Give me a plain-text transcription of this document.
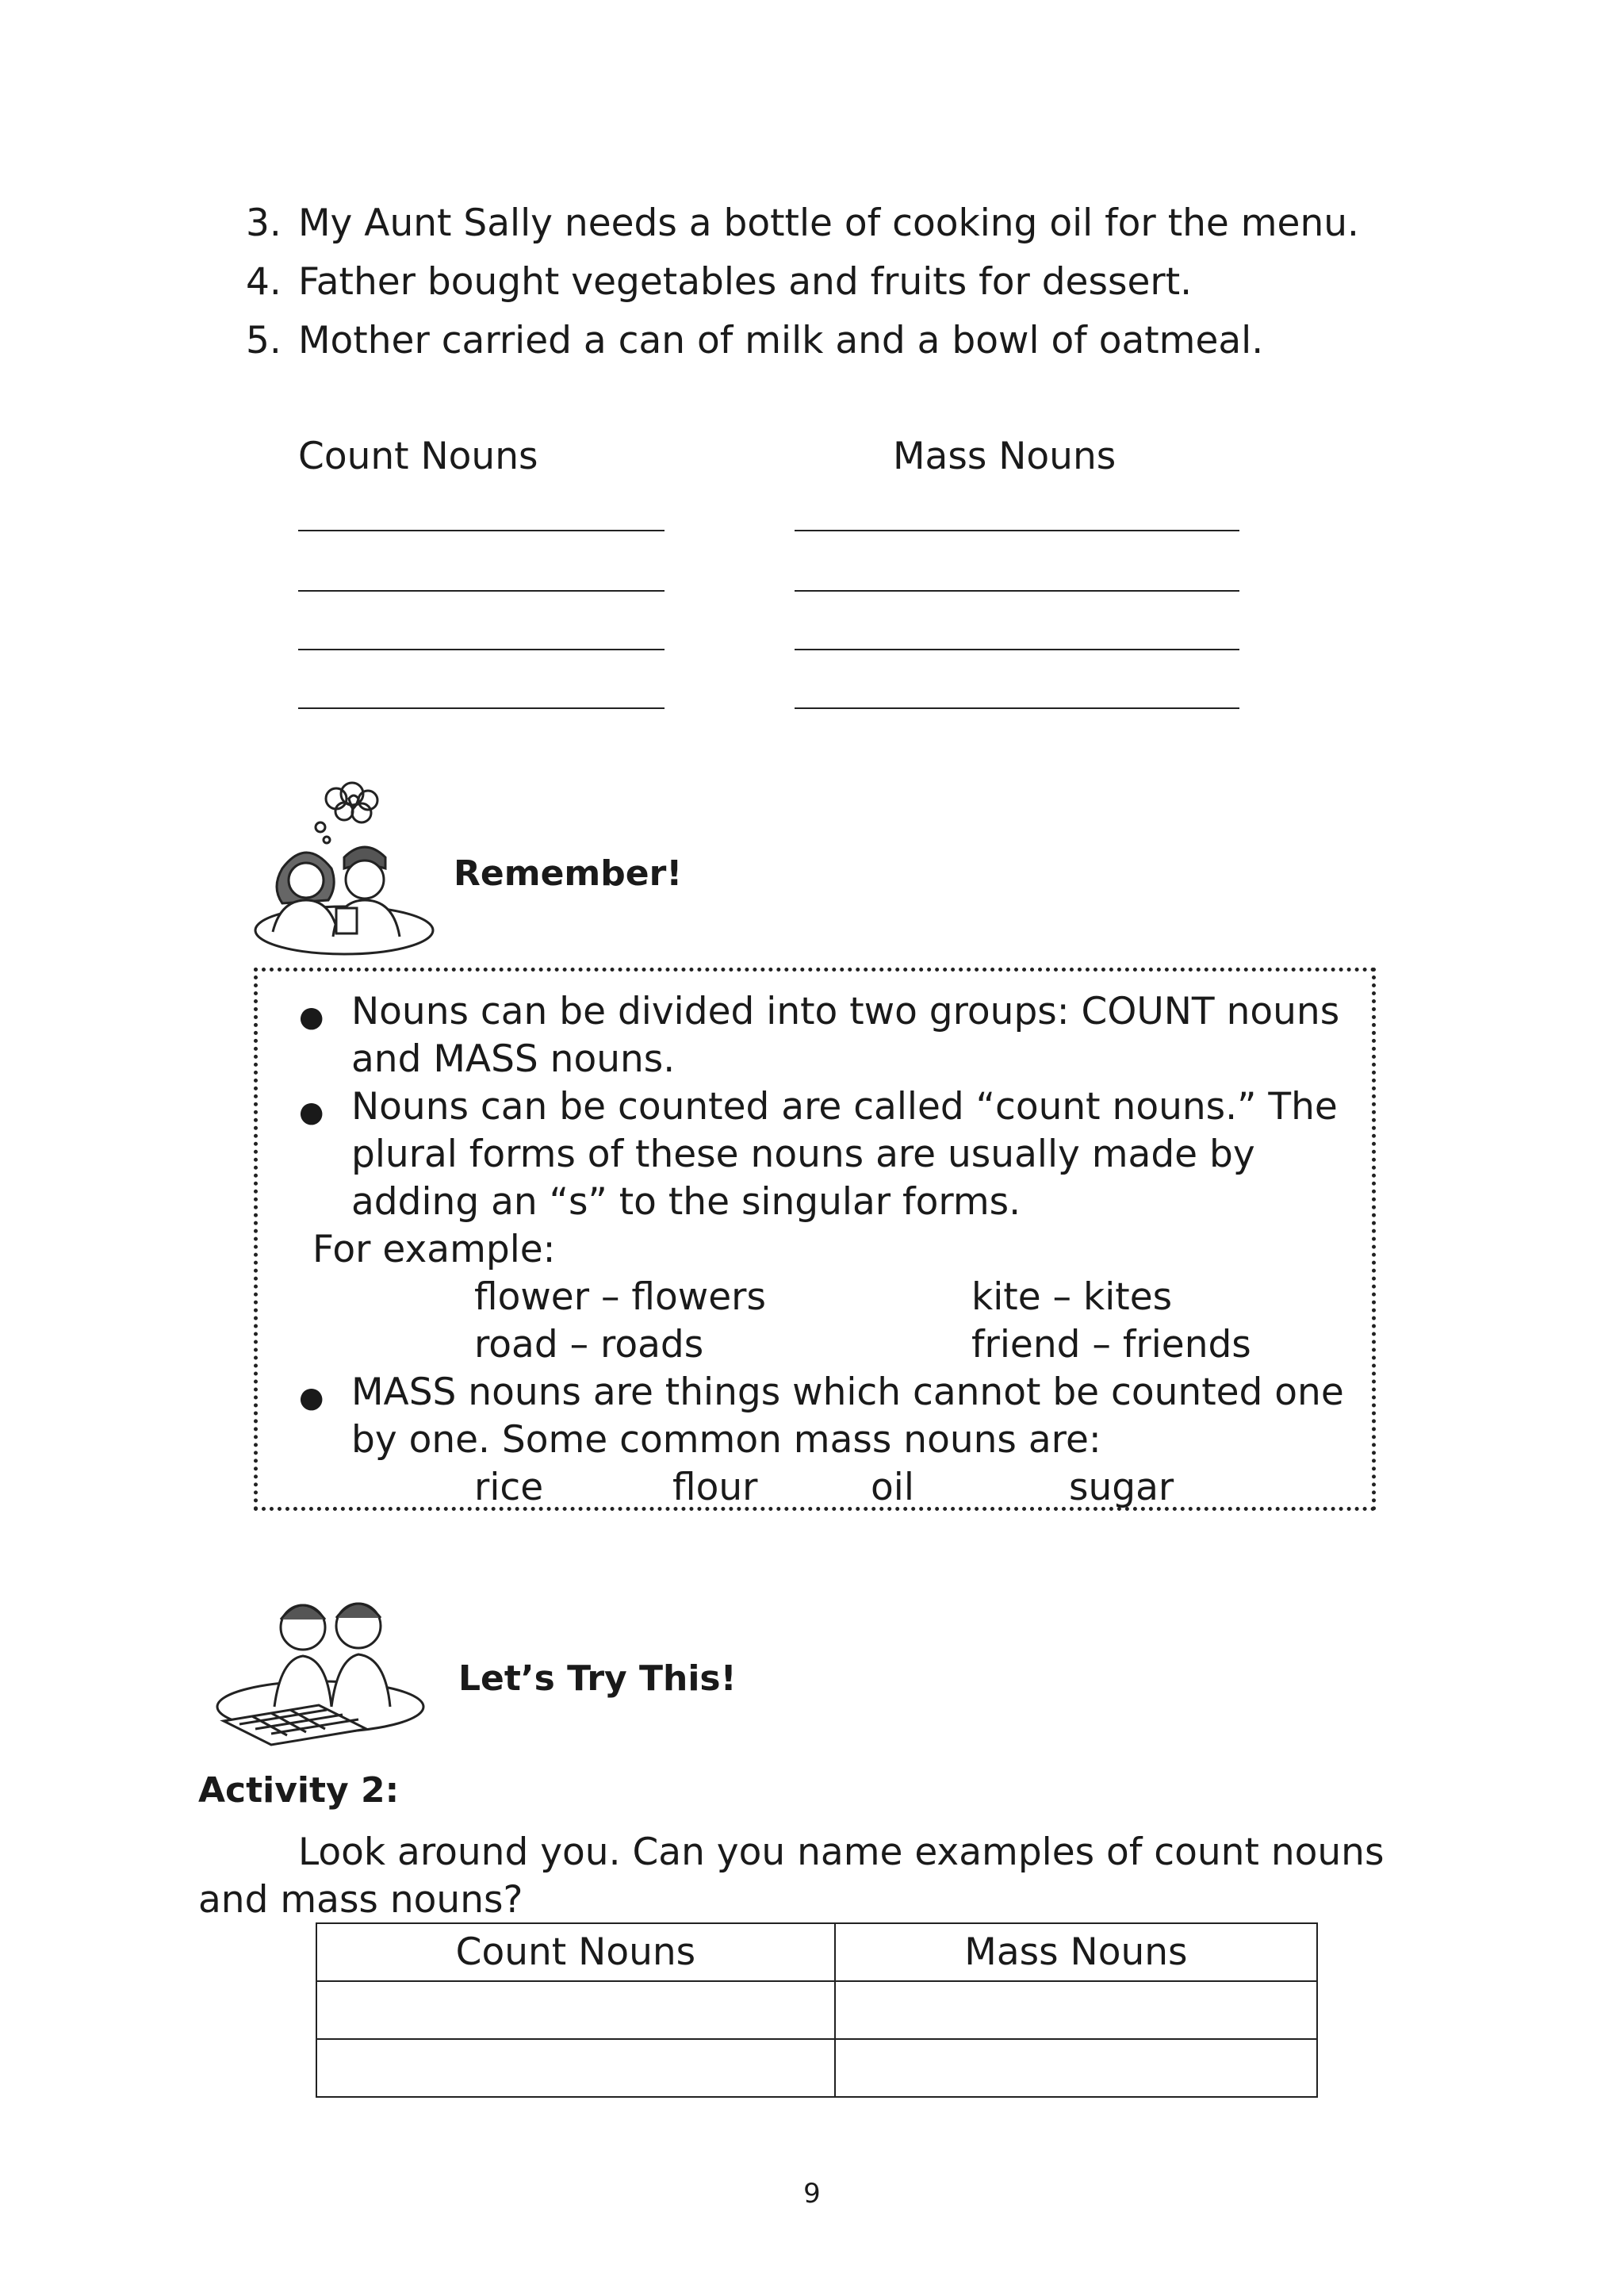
3. My Aunt Sally needs a bottle of cooking oil for the menu.
4. Father bought vegetables and fruits for dessert.
5. Mother carried a can of milk and a bowl of oatmeal.
Count Nouns	Mass Nouns
Remember!
● Nouns can be divided into two groups: COUNT nouns
and MASS nouns.
● Nouns can be counted are called “count nouns.” The
plural forms of these nouns are usually made by
adding an “s” to the singular forms.
For example:
flower – flowers	kite – kites
road – roads	friend – friends
● MASS nouns are things which cannot be counted one
by one. Some common mass nouns are:
rice	flour	oil	sugar
Let’s Try This!
Activity 2:
Look around you. Can you name examples of count nouns
and mass nouns?
Count Nouns	Mass Nouns

9
